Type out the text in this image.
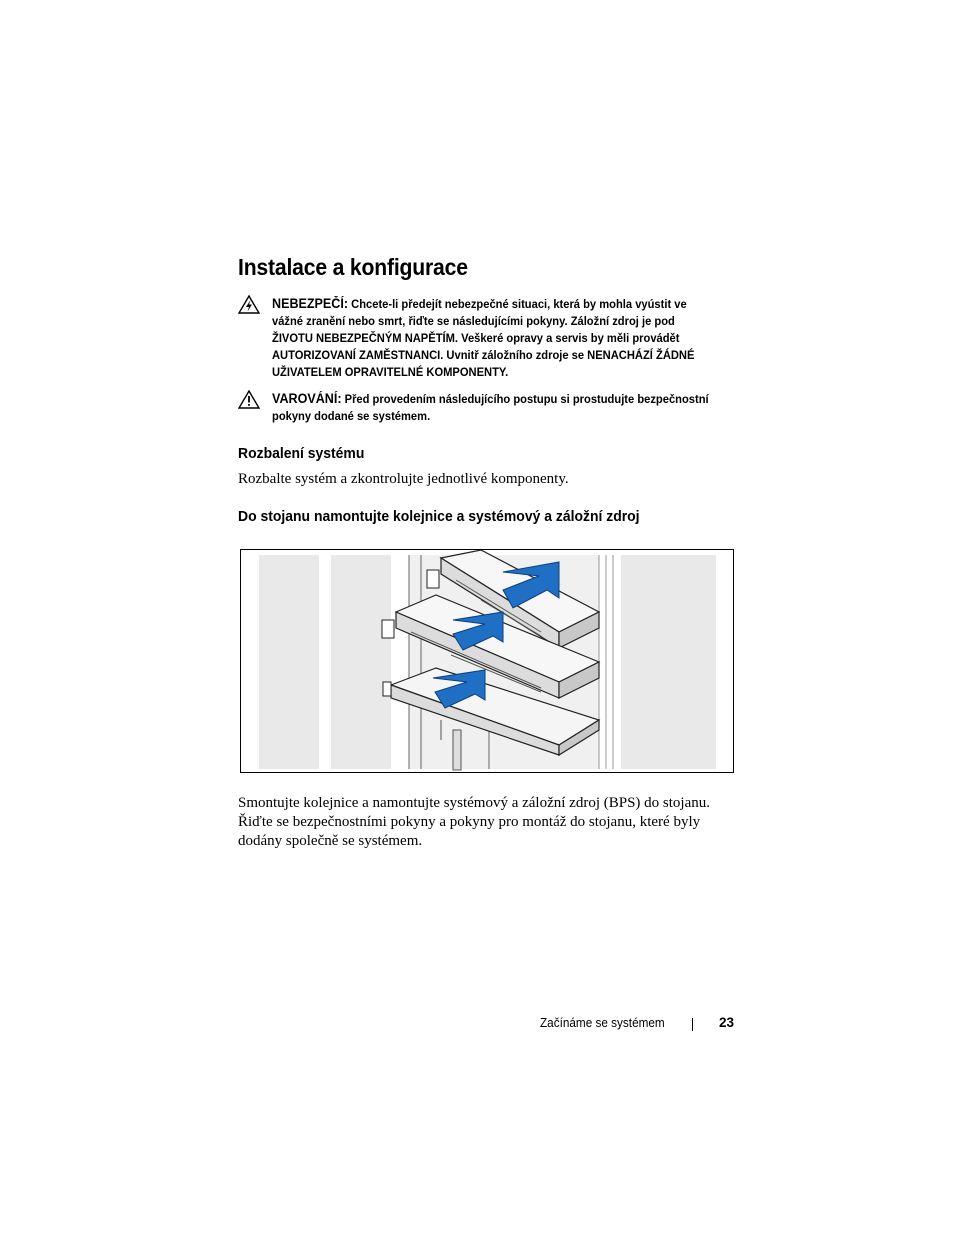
Instalace a konfigurace
NEBEZPEČÍ: Chcete-li předejít nebezpečné situaci, která by mohla vyústit ve vážné zranění nebo smrt, řiďte se následujícími pokyny. Záložní zdroj je pod ŽIVOTU NEBEZPEČNÝM NAPĚTÍM. Veškeré opravy a servis by měli provádět AUTORIZOVANÍ ZAMĚSTNANCI. Uvnitř záložního zdroje se NENACHÁZÍ ŽÁDNÉ UŽIVATELEM OPRAVITELNÉ KOMPONENTY.
VAROVÁNÍ: Před provedením následujícího postupu si prostudujte bezpečnostní pokyny dodané se systémem.
Rozbalení systému

Rozbalte systém a zkontrolujte jednotlivé komponenty.

Do stojanu namontujte kolejnice a systémový a záložní zdroj

Smontujte kolejnice a namontujte systémový a záložní zdroj (BPS) do stojanu. Řiďte se bezpečnostními pokyny a pokyny pro montáž do stojanu, které byly dodány společně se systémem.

Začínáme se systémem	23
